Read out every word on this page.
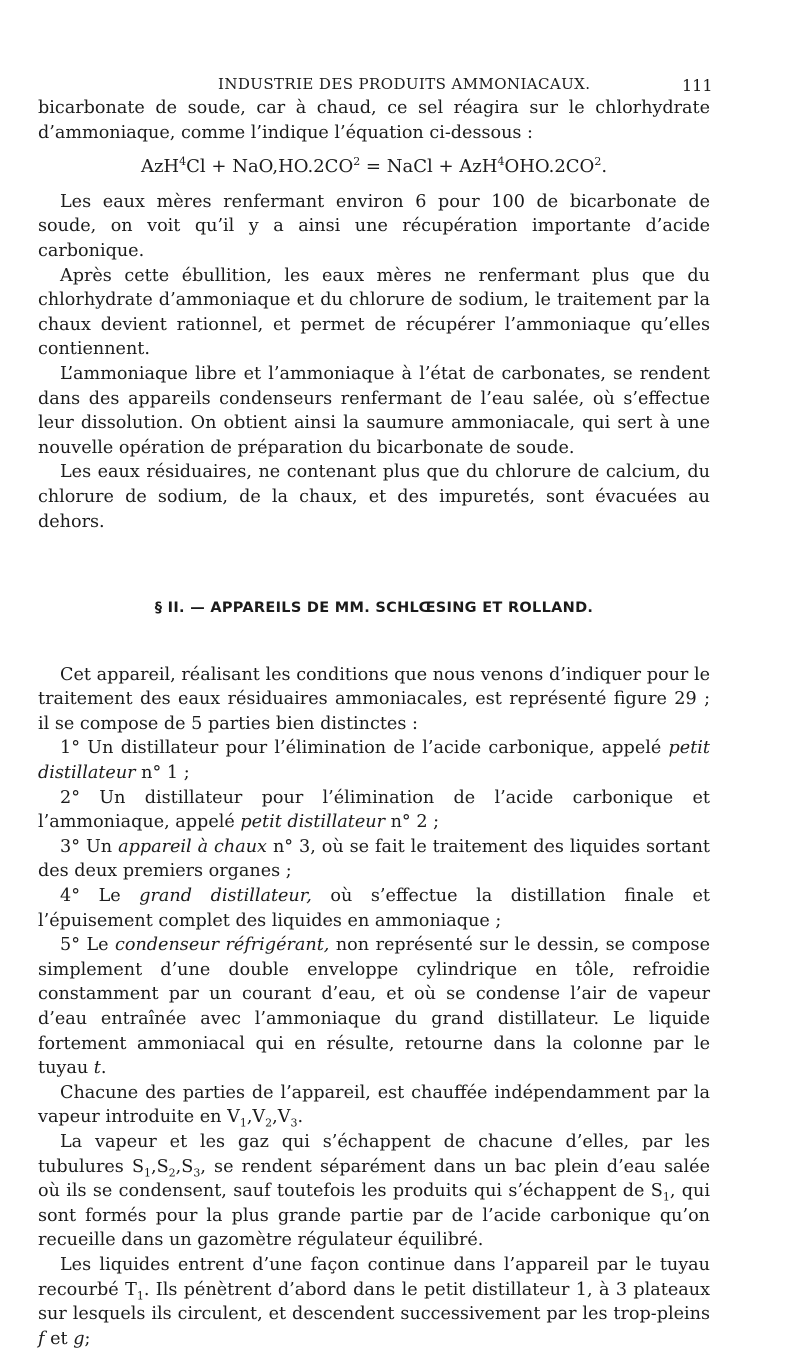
INDUSTRIE DES PRODUITS AMMONIACAUX.	111

bicarbonate de soude, car à chaud, ce sel réagira sur le chlorhydrate d’ammoniaque, comme l’indique l’équation ci-dessous :

$AzH^4Cl + NaO,HO.2CO^2$ = NaCl + $AzH^4OHO.2CO^2$.

Les eaux mères renfermant environ 6 pour 100 de bicarbonate de soude, on voit qu’il y a ainsi une récupération importante d’acide carbonique.

Après cette ébullition, les eaux mères ne renfermant plus que du chlorhydrate d’ammoniaque et du chlorure de sodium, le traitement par la chaux devient rationnel, et permet de récupérer l’ammoniaque qu’elles contiennent.

L’ammoniaque libre et l’ammoniaque à l’état de carbonates, se rendent dans des appareils condenseurs renfermant de l’eau salée, où s’effectue leur dissolution. On obtient ainsi la saumure ammoniacale, qui sert à une nouvelle opération de préparation du bicarbonate de soude.

Les eaux résiduaires, ne contenant plus que du chlorure de calcium, du chlorure de sodium, de la chaux, et des impuretés, sont évacuées au dehors.

§ II. — APPAREILS DE MM. SCHLŒSING ET ROLLAND.

Cet appareil, réalisant les conditions que nous venons d’indiquer pour le traitement des eaux résiduaires ammoniacales, est représenté figure 29 ; il se compose de 5 parties bien distinctes :

1° Un distillateur pour l’élimination de l’acide carbonique, appelé petit distillateur n° 1 ;

2° Un distillateur pour l’élimination de l’acide carbonique et l’ammoniaque, appelé petit distillateur n° 2 ;

3° Un appareil à chaux n° 3, où se fait le traitement des liquides sortant des deux premiers organes ;

4° Le grand distillateur, où s’effectue la distillation finale et l’épuisement complet des liquides en ammoniaque ;

5° Le condenseur réfrigérant, non représenté sur le dessin, se compose simplement d’une double enveloppe cylindrique en tôle, refroidie constamment par un courant d’eau, et où se condense l’air de vapeur d’eau entraînée avec l’ammoniaque du grand distillateur. Le liquide fortement ammoniacal qui en résulte, retourne dans la colonne par le tuyau t.

Chacune des parties de l’appareil, est chauffée indépendamment par la vapeur introduite en $V_1,V_2,V_3$.

La vapeur et les gaz qui s’échappent de chacune d’elles, par les tubulures $S_1,S_2,S_3$, se rendent séparément dans un bac plein d’eau salée où ils se condensent, sauf toutefois les produits qui s’échappent de $S_1$, qui sont formés pour la plus grande partie par de l’acide carbonique qu’on recueille dans un gazomètre régulateur équilibré.

Les liquides entrent d’une façon continue dans l’appareil par le tuyau recourbé $T_1$. Ils pénètrent d’abord dans le petit distillateur 1, à 3 plateaux sur lesquels ils circulent, et descendent successivement par les trop-pleins f et g;
